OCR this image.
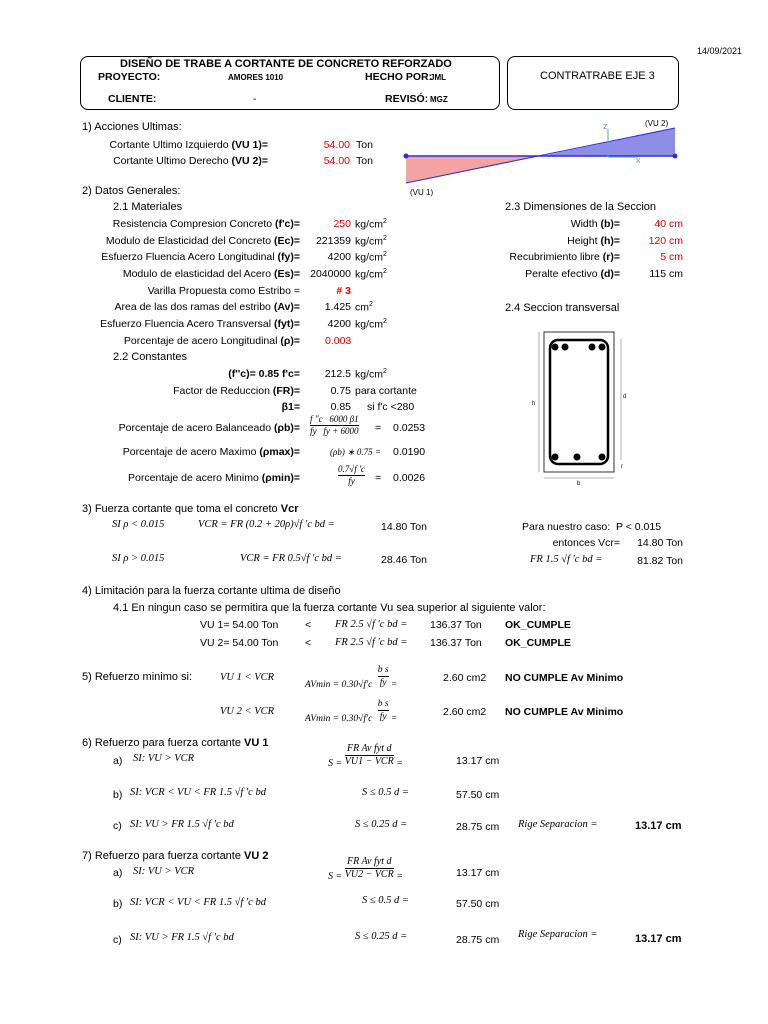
14/09/2021
DISEÑO DE TRABE A CORTANTE DE CONCRETO REFORZADO
PROYECTO:	AMORES 1010	HECHO POR:
JML
CLIENTE:	-	REVISÓ: MGZ
CONTRATRABE EJE 3
1) Acciones Ultimas:
Cortante Ultimo Izquierdo (VU 1)=	54.00 Ton
Cortante Ultimo Derecho (VU 2)=	54.00 Ton
z
x
(VU 2)
(VU 1)
2) Datos Generales:
2.1 Materiales
Resistencia Compresion Concreto (f'c)=	250 $kg/cm^2$
Modulo de Elasticidad del Concreto (Ec)= 221359 $kg/cm^2$
Esfuerzo Fluencia Acero Longitudinal (fy)=	4200 $kg/cm^2$
Modulo de elasticidad del Acero (Es)= 2040000 $kg/cm^2$
Varilla Propuesta como Estribo =	# 3
Area de las dos ramas del estribo (Av)= 1.425 $cm^2$
Esfuerzo Fluencia Acero Transversal (fyt)=	4200 $kg/cm^2$
Porcentaje de acero Longitudinal (ρ)= 0.003
2.2 Constantes
(f''c)= 0.85 f'c= 212.5 $kg/cm^2$
Factor de Reduccion (FR)=	0.75 para cortante
β1=	0.85 si f'c <280
Porcentaje de acero Balanceado (ρb)=
f ''c   6000 β1
fy   fy + 6000 = 0.0253
Porcentaje de acero Maximo (ρmax)=	(ρb) ∗ 0.75 = 0.0190
Porcentaje de acero Minimo (ρmin)=
0.7√f ′c
fy	= 0.0026
2.3 Dimensiones de la Seccion
Width (b)=	40 cm
Height (h)=	120 cm
Recubrimiento libre (r)=	5 cm
Peralte efectivo (d)=	115 cm
2.4 Seccion transversal
h
d
b
r
3) Fuerza cortante que toma el concreto Vcr
SI ρ < 0.015	VCR = FR (0.2 + 20ρ)√f ′c bd =	14.80 Ton
SI ρ > 0.015	VCR = FR 0.5√f ′c bd =	28.46 Ton
Para nuestro caso: P < 0.015
entonces Vcr= 14.80 Ton
FR 1.5 √f ′c bd =	81.82 Ton
4) Limitación para la fuerza cortante ultima de diseño
4.1 En ningun caso se permitira que la fuerza cortante Vu sea superior al siguiente valor:
VU 1= 54.00 Ton	< FR 2.5 √f ′c bd = 136.37 Ton OK_CUMPLE
VU 2= 54.00 Ton	< FR 2.5 √f ′c bd = 136.37 Ton OK_CUMPLE
5) Refuerzo minimo si:	VU 1 < VCR
$AVmin = 0.30√f'c \frac{\text{b s}}{fy}$ =
2.60 cm2 NO CUMPLE Av Minimo
VU 2 < VCR
$AVmin = 0.30√f'c \frac{\text{b s}}{fy}$ =
2.60 cm2 NO CUMPLE Av Minimo
6) Refuerzo para fuerza cortante VU 1
a) SI: VU > VCR	S =
FR Av fyt d
VU1 − VCR =	13.17 cm
b) SI: VCR < VU < FR 1.5 √f ′c bd	S ≤ 0.5 d =	57.50 cm
c) SI: VU > FR 1.5 √f ′c bd	S ≤ 0.25 d =	28.75 cm Rige Separacion =	13.17 cm
7) Refuerzo para fuerza cortante VU 2
a) SI: VU > VCR	S =
FR Av fyt d
VU2 − VCR =	13.17 cm
b) SI: VCR < VU < FR 1.5 √f ′c bd	S ≤ 0.5 d =	57.50 cm
c) SI: VU > FR 1.5 √f ′c bd	S ≤ 0.25 d =	28.75 cm Rige Separacion =	13.17 cm
